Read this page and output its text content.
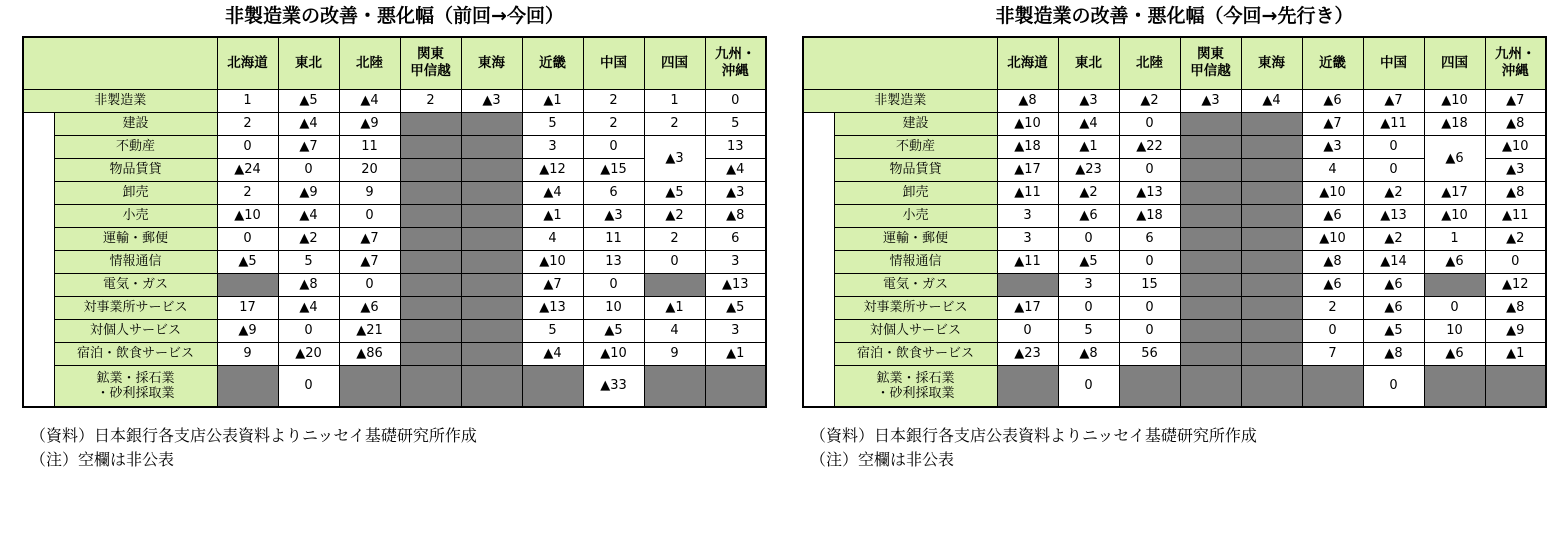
非製造業の改善・悪化幅（前回→今回）
		北海道	東北	北陸	関東
甲信越	東海	近畿	中国	四国	九州・
沖縄
非製造業		1	▲5	▲4	2	▲3	▲1	2	1	0
	建設	2	▲4	▲9			5	2	2	5
	不動産	0	▲7	11			3	0	▲3	13
	物品賃貸	▲24	0	20			▲12	▲15		▲4
	卸売	2	▲9	9			▲4	6	▲5	▲3
	小売	▲10	▲4	0			▲1	▲3	▲2	▲8
	運輸・郵便	0	▲2	▲7			4	11	2	6
	情報通信	▲5	5	▲7			▲10	13	0	3
	電気・ガス		▲8	0			▲7	0		▲13
	対事業所サービス	17	▲4	▲6			▲13	10	▲1	▲5
	対個人サービス	▲9	0	▲21			5	▲5	4	3
	宿泊・飲食サービス	9	▲20	▲86			▲4	▲10	9	▲1
	鉱業・採石業
・砂利採取業		0					▲33		
非製造業の改善・悪化幅（今回→先行き）
		北海道	東北	北陸	関東
甲信越	東海	近畿	中国	四国	九州・
沖縄
非製造業		▲8	▲3	▲2	▲3	▲4	▲6	▲7	▲10	▲7
	建設	▲10	▲4	0			▲7	▲11	▲18	▲8
	不動産	▲18	▲1	▲22			▲3	0	▲6	▲10
	物品賃貸	▲17	▲23	0			4	0		▲3
	卸売	▲11	▲2	▲13			▲10	▲2	▲17	▲8
	小売	3	▲6	▲18			▲6	▲13	▲10	▲11
	運輸・郵便	3	0	6			▲10	▲2	1	▲2
	情報通信	▲11	▲5	0			▲8	▲14	▲6	0
	電気・ガス		3	15			▲6	▲6		▲12
	対事業所サービス	▲17	0	0			2	▲6	0	▲8
	対個人サービス	0	5	0			0	▲5	10	▲9
	宿泊・飲食サービス	▲23	▲8	56			7	▲8	▲6	▲1
	鉱業・採石業
・砂利採取業		0					0		
（資料）日本銀行各支店公表資料よりニッセイ基礎研究所作成
（注）空欄は非公表
（資料）日本銀行各支店公表資料よりニッセイ基礎研究所作成
（注）空欄は非公表
